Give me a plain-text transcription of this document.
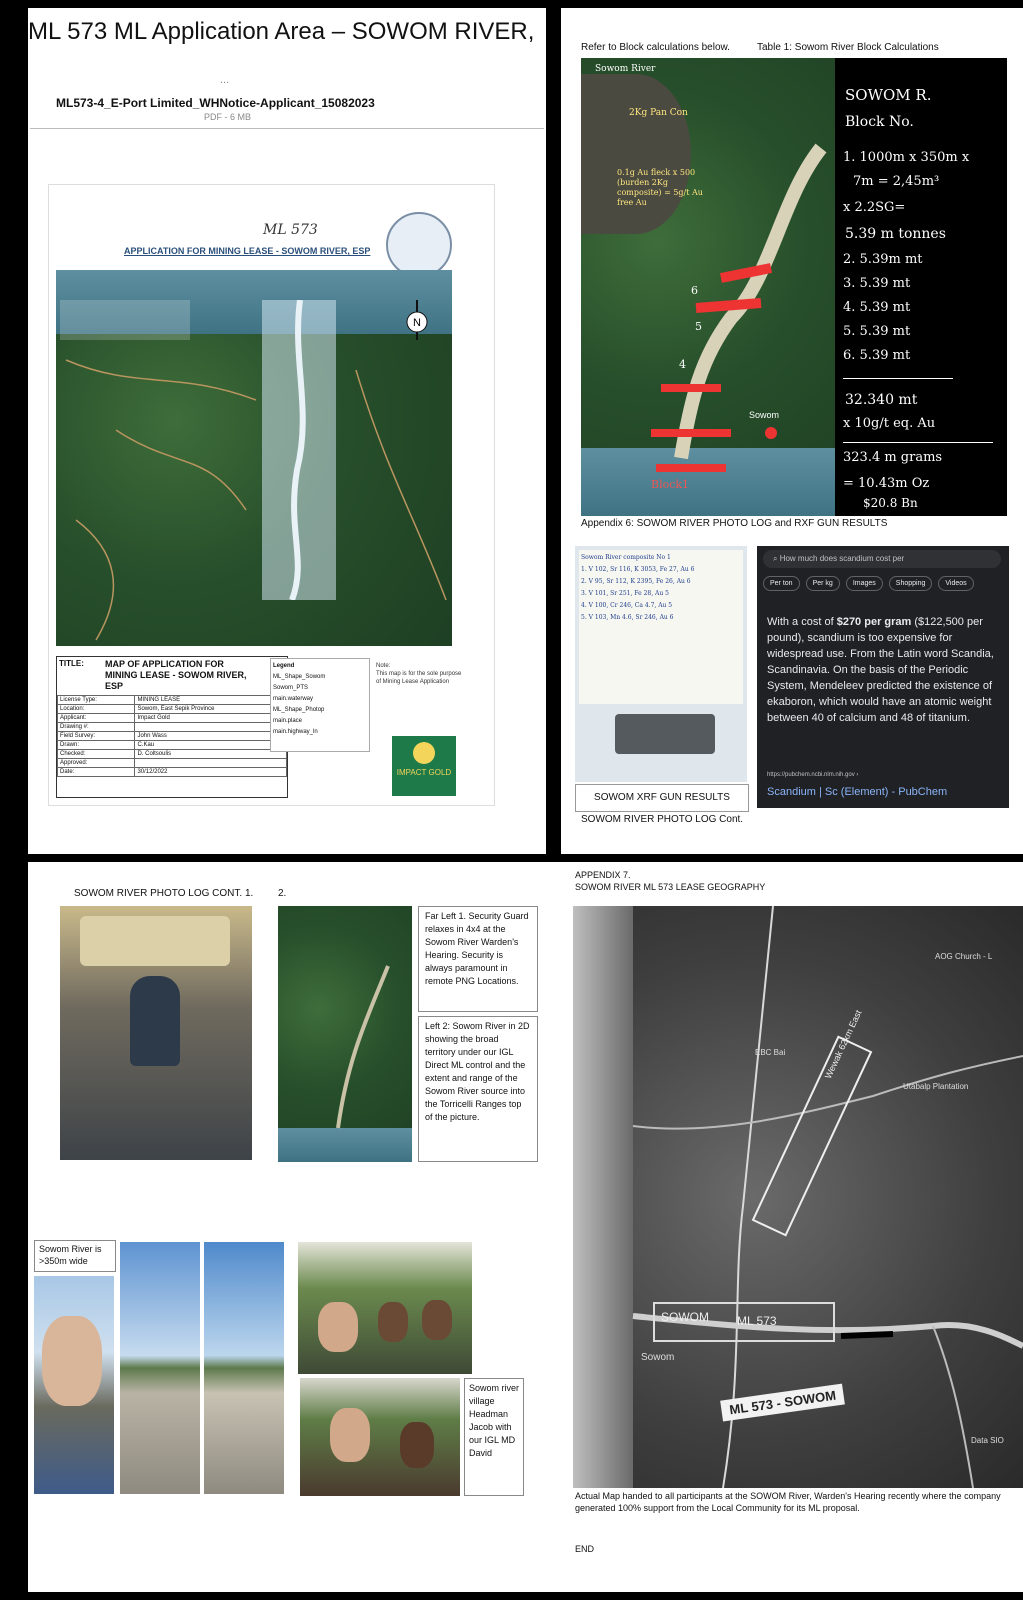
ML 573 ML Application Area – SOWOM RIVER,
...
ML573-4_E-Port Limited_WHNotice-Applicant_15082023
PDF - 6 MB
ML 573
APPLICATION FOR MINING LEASE - SOWOM RIVER, ESP
N
TITLE: MAP OF APPLICATION FOR MINING LEASE - SOWOM RIVER, ESP
License Type:	MINING LEASE
Location:	Sowom, East Sepik Province
Applicant:	Impact Gold
Drawing #:	
Field Survey:	John Wass
Drawn:	C.Kau
Checked:	D. Coltsoulis
Approved:	
Date:	30/12/2022
Legend
ML_Shape_Sowom
Sowom_PTS
main.waterway
ML_Shape_Photop
main.place
main.highway_ln
Note:
This map is for the sole purpose of Mining Lease Application
IMPACT GOLD
Refer to Block calculations below.	Table 1: Sowom River Block Calculations
Sowom River
2Kg Pan Con
0.1g Au fleck x 500 (burden 2Kg composite) = 5g/t Au free Au
6
5
4
Sowom
Block1
SOWOM R.
Block No.
1. 1000m x 350m x
7m = 2,45m³
x 2.2SG=
5.39 m tonnes
2. 5.39m mt
3. 5.39 mt
4. 5.39 mt
5. 5.39 mt
6. 5.39 mt
32.340 mt
x 10g/t eq. Au
323.4 m grams
= 10.43m Oz
$20.8 Bn
Appendix 6: SOWOM RIVER PHOTO LOG and RXF GUN RESULTS
Sowom River composite No 1
1. V 102, Sr 116, K 3053, Fe 27, Au 6
2. V 95, Sr 112, K 2395, Fe 26, Au 6
3. V 101, Sr 251, Fe 28, Au 5
4. V 100, Cr 246, Ca 4.7, Au 5
5. V 103, Mn 4.6, Sr 246, Au 6
SOWOM XRF GUN RESULTS
⌕ How much does scandium cost per
Per ton	Per kg	Images	Shopping	Videos
With a cost of $270 per gram ($122,500 per pound), scandium is too expensive for widespread use. From the Latin word Scandia, Scandinavia. On the basis of the Periodic System, Mendeleev predicted the existence of ekaboron, which would have an atomic weight between 40 of calcium and 48 of titanium.
https://pubchem.ncbi.nlm.nih.gov ›
Scandium | Sc (Element) - PubChem
SOWOM RIVER PHOTO LOG Cont.
SOWOM RIVER PHOTO LOG CONT. 1. 2.
Far Left 1. Security Guard relaxes in 4x4 at the Sowom River Warden's Hearing. Security is always paramount in remote PNG Locations.
Left 2: Sowom River in 2D showing the broad territory under our IGL Direct ML control and the extent and range of the Sowom River source into the Torricelli Ranges top of the picture.
Sowom River is >350m wide
Sowom river village Headman Jacob with our IGL MD David
APPENDIX 7.
SOWOM RIVER ML 573 LEASE GEOGRAPHY
Wewak 62km East
AOG Church - L
Utabalp Plantation
EBC Bai
SOWOM ML 573
Sowom
ML 573 - SOWOM
Data SIO
Actual Map handed to all participants at the SOWOM River, Warden's Hearing recently where the company generated 100% support from the Local Community for its ML proposal.
END
